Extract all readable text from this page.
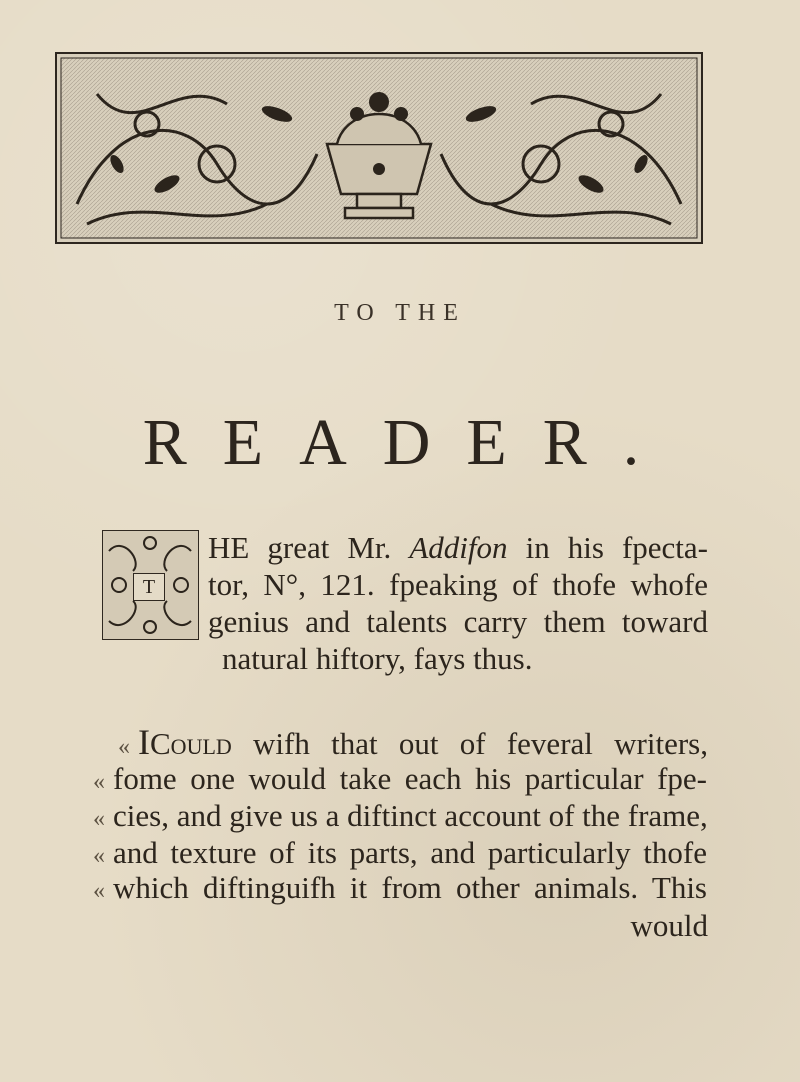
TO THE
READER.
T
HE great Mr. Addifon in his fpecta-
tor, N°, 121. fpeaking of thofe whofe
genius and talents carry them toward
natural hiftory, fays thus.
« ICould wifh that out of feveral writers,
« fome one would take each his particular fpe-
« cies, and give us a diftinct account of the frame,
« and texture of its parts, and particularly thofe
« which diftinguifh it from other animals. This
would
